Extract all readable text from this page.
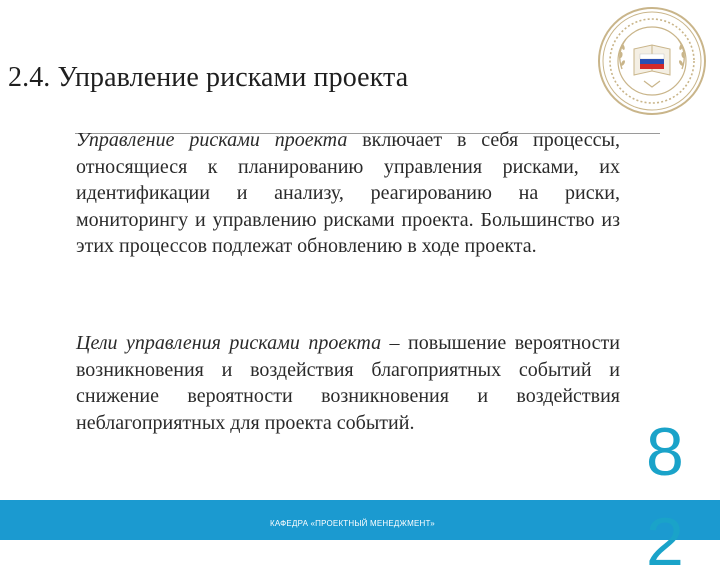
2.4. Управление рисками проекта
Управление рисками проекта включает в себя процессы, относящиеся к планированию управления рисками, их идентификации и анализу, реагированию на риски, мониторингу и управлению рисками проекта. Большинство из этих процессов подлежат обновлению в ходе проекта.
Цели управления рисками проекта – повышение вероятности возникновения и воздействия благоприятных событий и снижение вероятности возникновения и воздействия неблагоприятных для проекта событий.
КАФЕДРА «ПРОЕКТНЫЙ МЕНЕДЖМЕНТ»
8
2
